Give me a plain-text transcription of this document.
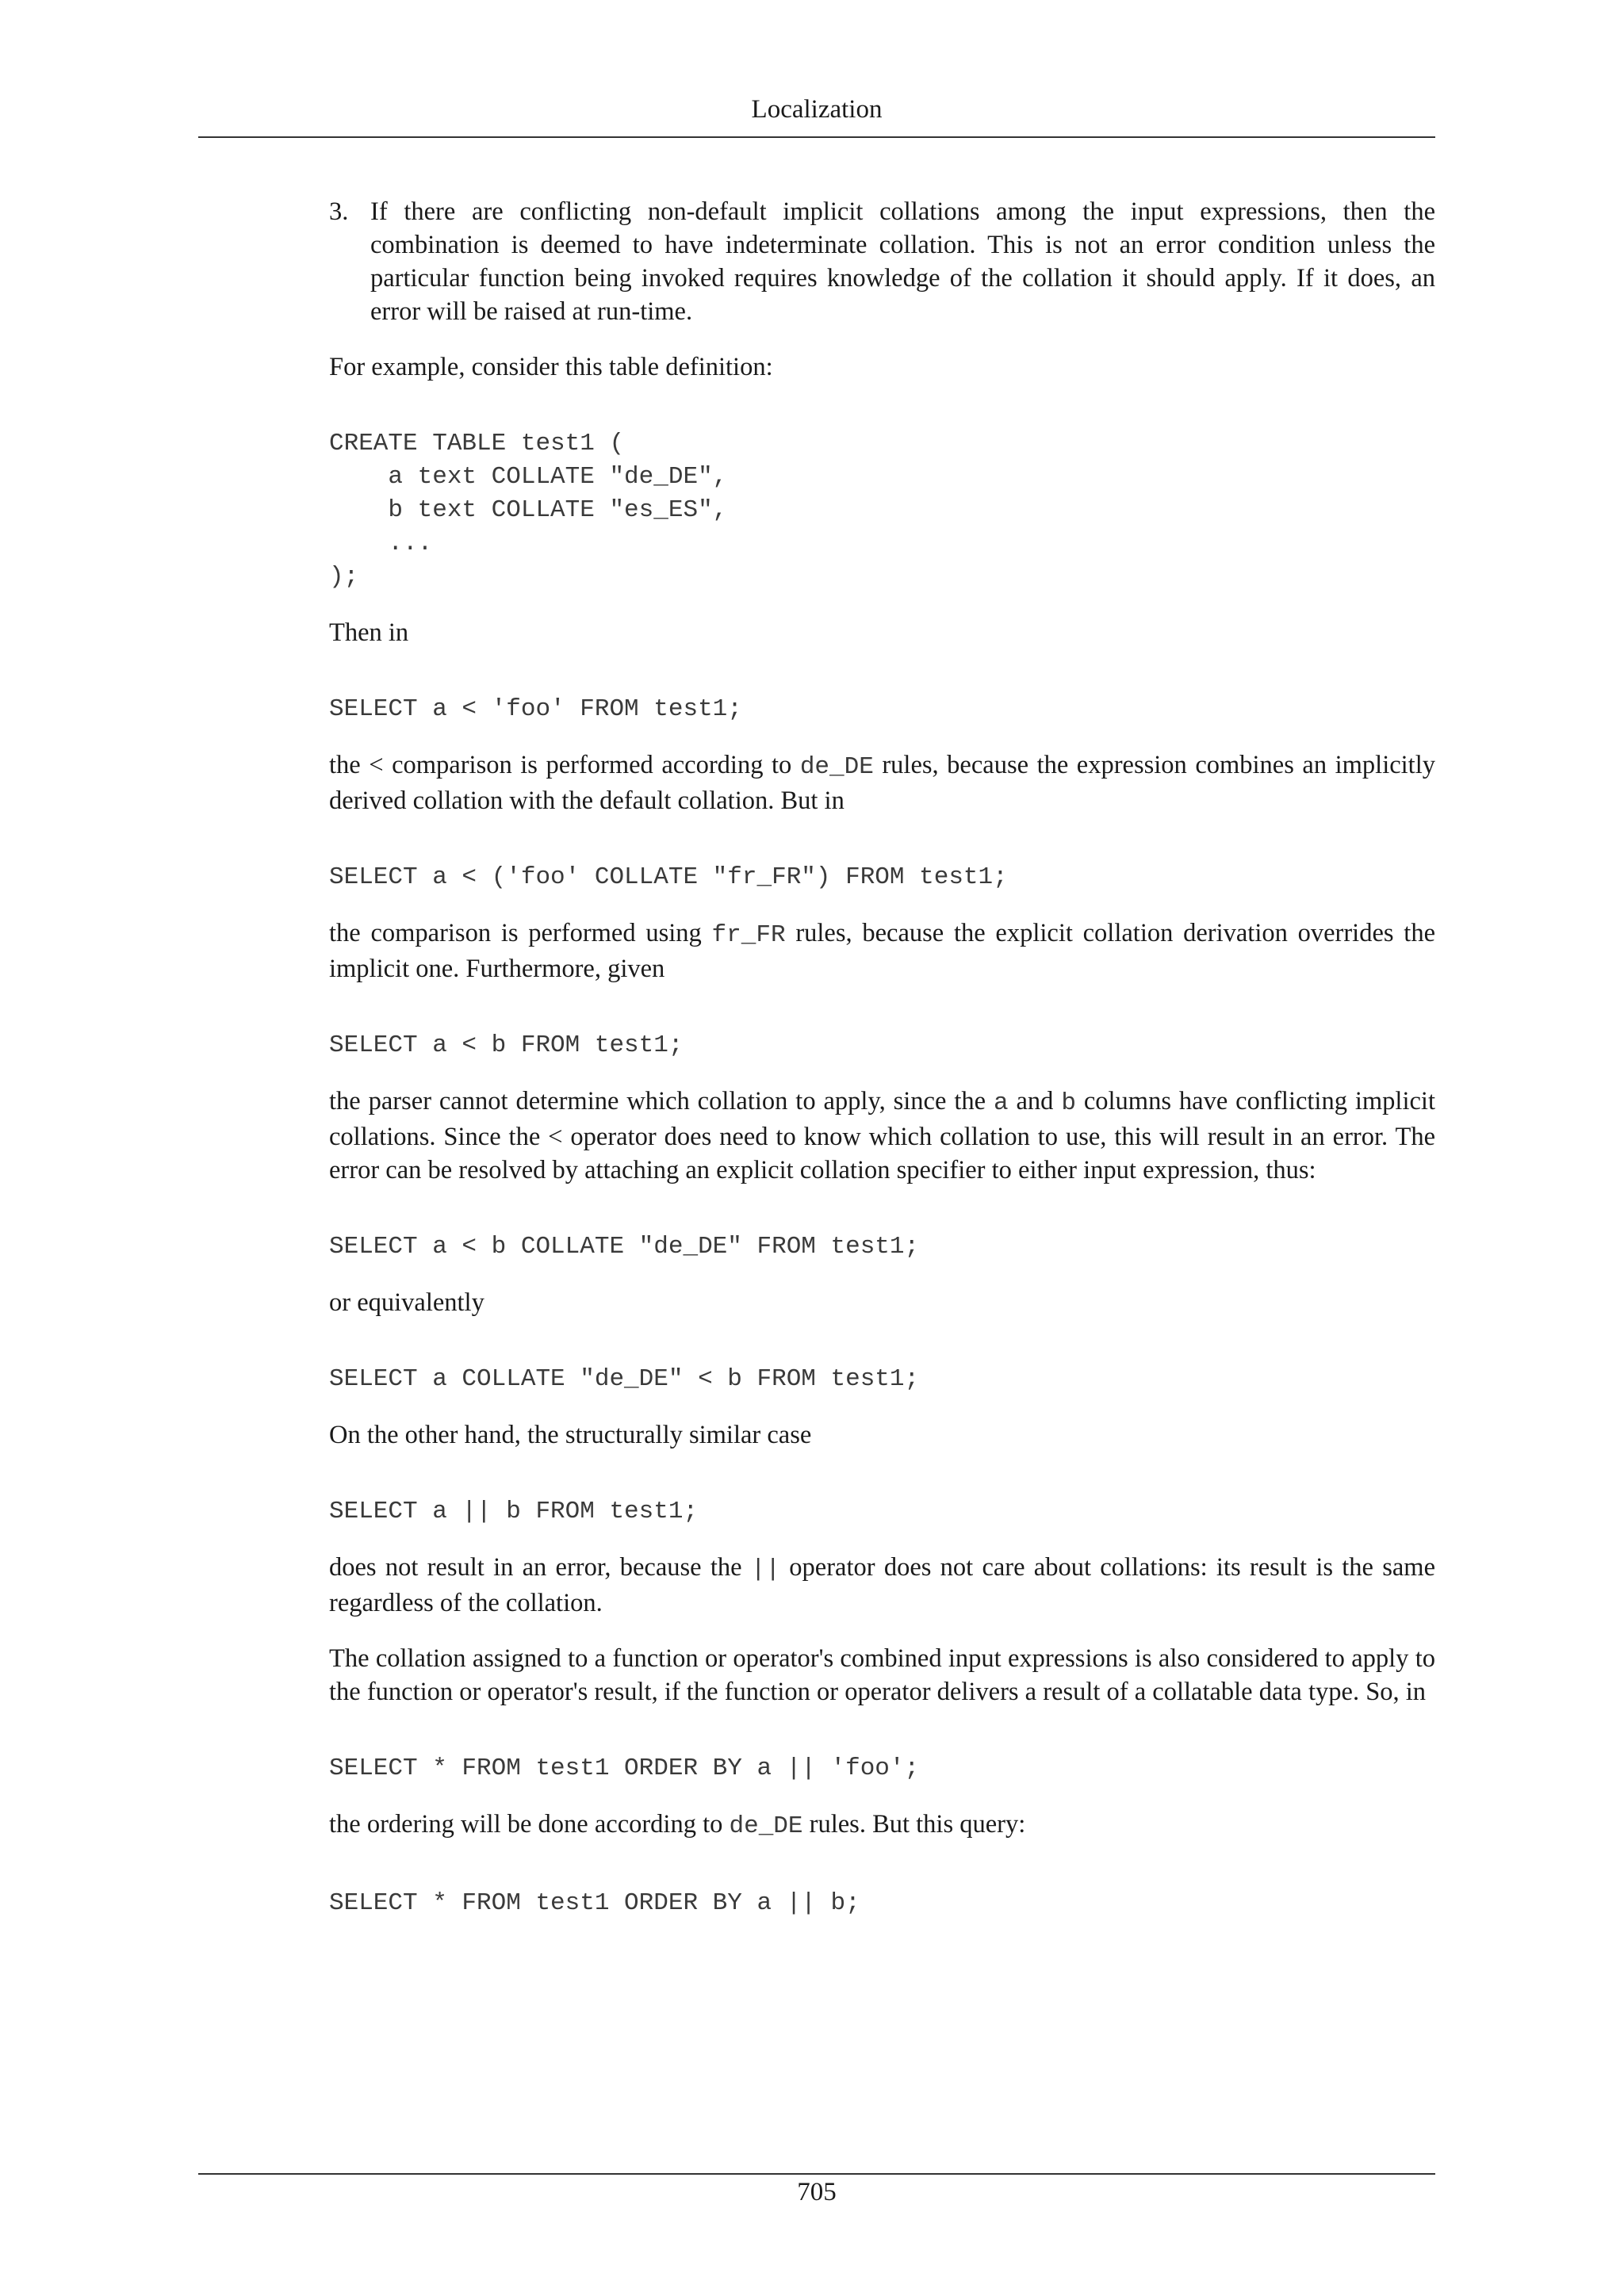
Localization
3. If there are conflicting non-default implicit collations among the input expressions, then the combination is deemed to have indeterminate collation. This is not an error condition unless the particular function being invoked requires knowledge of the collation it should apply. If it does, an error will be raised at run-time.

For example, consider this table definition:

CREATE TABLE test1 (
a text COLLATE "de_DE",
b text COLLATE "es_ES",
...
);

Then in

SELECT a < 'foo' FROM test1;

the < comparison is performed according to de_DE rules, because the expression combines an implicitly derived collation with the default collation. But in

SELECT a < ('foo' COLLATE "fr_FR") FROM test1;

the comparison is performed using fr_FR rules, because the explicit collation derivation overrides the implicit one. Furthermore, given

SELECT a < b FROM test1;

the parser cannot determine which collation to apply, since the a and b columns have conflicting implicit collations. Since the < operator does need to know which collation to use, this will result in an error. The error can be resolved by attaching an explicit collation specifier to either input expression, thus:

SELECT a < b COLLATE "de_DE" FROM test1;

or equivalently

SELECT a COLLATE "de_DE" < b FROM test1;

On the other hand, the structurally similar case

SELECT a || b FROM test1;

does not result in an error, because the || operator does not care about collations: its result is the same regardless of the collation.

The collation assigned to a function or operator's combined input expressions is also considered to apply to the function or operator's result, if the function or operator delivers a result of a collatable data type. So, in

SELECT * FROM test1 ORDER BY a || 'foo';

the ordering will be done according to de_DE rules. But this query:

SELECT * FROM test1 ORDER BY a || b;
705
